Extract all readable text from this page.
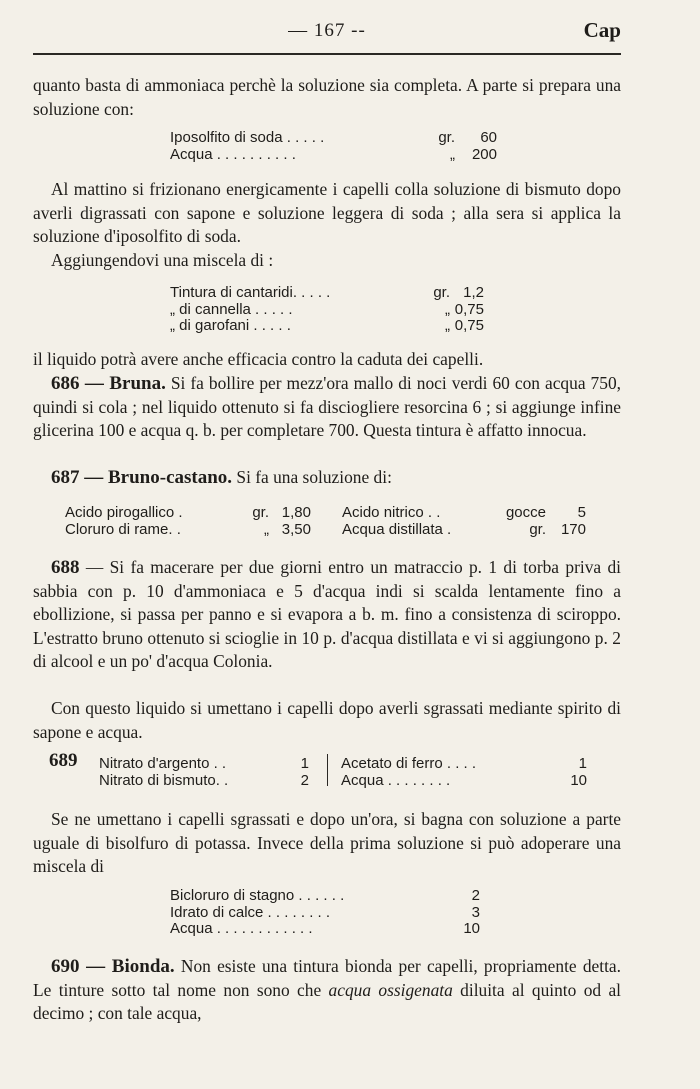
— 167 --	Cap
quanto basta di ammoniaca perchè la soluzione sia completa. A parte si prepara una soluzione con:
Iposolfito di soda . . . . .	gr.	60
Acqua . . . . . . . . . .	„	200
Al mattino si frizionano energicamente i capelli colla soluzione di bismuto dopo averli digrassati con sapone e soluzione leggera di soda ; alla sera si applica la soluzione d'iposolfito di soda.
Aggiungendovi una miscela di :
Tintura di cantaridi. . . . .	gr. 1,2
„ di cannella . . . . .	„ 0,75
„ di garofani . . . . .	„ 0,75
il liquido potrà avere anche efficacia contro la caduta dei capelli.
686 — Bruna. Si fa bollire per mezz'ora mallo di noci verdi 60 con acqua 750, quindi si cola ; nel liquido ottenuto si fa disciogliere resorcina 6 ; si aggiunge infine glicerina 100 e acqua q. b. per completare 700. Questa tintura è affatto innocua.
687 — Bruno-castano. Si fa una soluzione di:
Acido pirogallico .	gr. 1,80
Cloruro di rame. .	„ 3,50
Acido nitrico . .	gocce	5
Acqua distillata .	gr. 170
688 — Si fa macerare per due giorni entro un matraccio p. 1 di torba priva di sabbia con p. 10 d'ammoniaca e 5 d'acqua indi si scalda lentamente fino a ebollizione, si passa per panno e si evapora a b. m. fino a consistenza di sciroppo. L'estratto bruno ottenuto si scioglie in 10 p. d'acqua distillata e vi si aggiungono p. 2 di alcool e un po' d'acqua Colonia.
Con questo liquido si umettano i capelli dopo averli sgrassati mediante spirito di sapone e acqua.
689 Nitrato d'argento . .	1
Nitrato di bismuto. .	2
Acetato di ferro . . . .	1
Acqua . . . . . . . .	10
Se ne umettano i capelli sgrassati e dopo un'ora, si bagna con soluzione a parte uguale di bisolfuro di potassa. Invece della prima soluzione si può adoperare una miscela di
Bicloruro di stagno . . . . . .	2
Idrato di calce . . . . . . . .	3
Acqua . . . . . . . . . . . .	10
690 — Bionda. Non esiste una tintura bionda per capelli, propriamente detta. Le tinture sotto tal nome non sono che acqua ossigenata diluita al quinto od al decimo ; con tale acqua,
